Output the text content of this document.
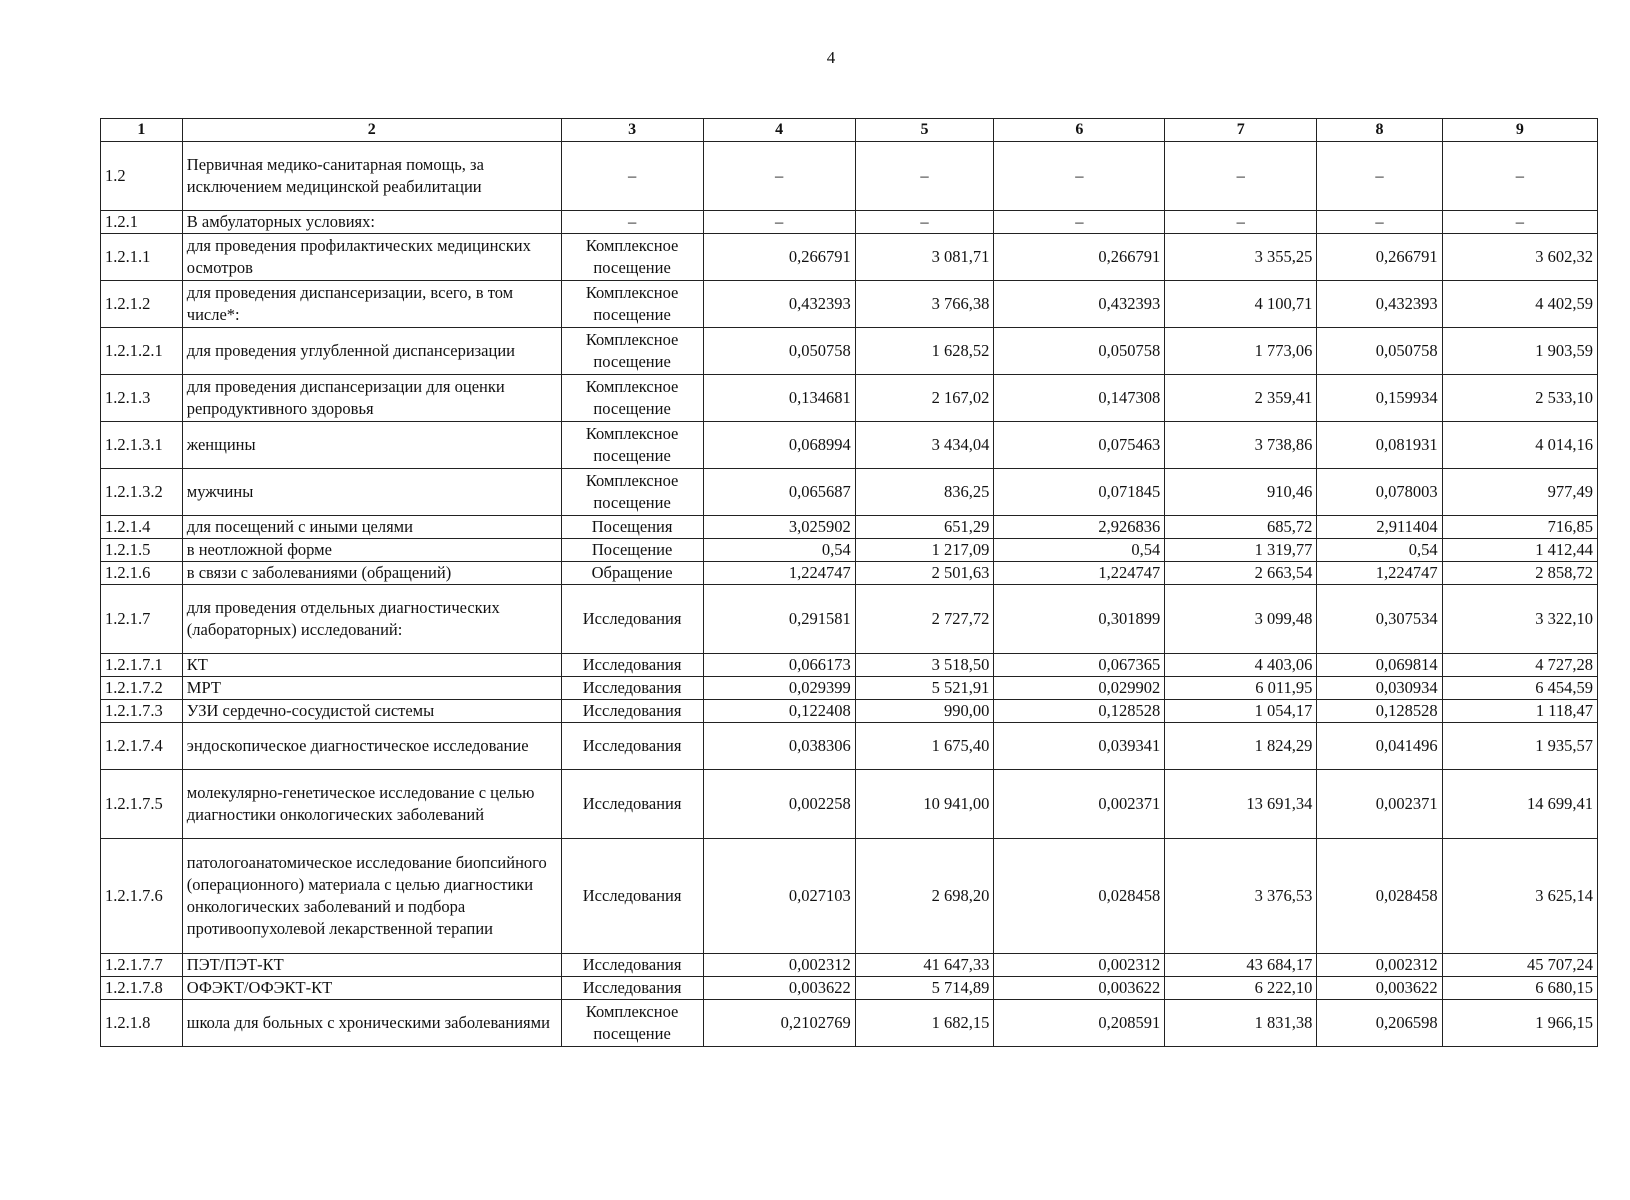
4
1	2	3	4	5	6	7	8	9
1.2	Первичная медико-санитарная помощь, за исключением медицинской реабилитации	–	–	–	–	–	–	–
1.2.1	В амбулаторных условиях:	–	–	–	–	–	–	–
1.2.1.1	для проведения профилактических медицинских осмотров	Комплексное посещение	0,266791	3 081,71	0,266791	3 355,25	0,266791	3 602,32
1.2.1.2	для проведения диспансеризации, всего, в том числе*:	Комплексное посещение	0,432393	3 766,38	0,432393	4 100,71	0,432393	4 402,59
1.2.1.2.1	для проведения углубленной диспансеризации	Комплексное посещение	0,050758	1 628,52	0,050758	1 773,06	0,050758	1 903,59
1.2.1.3	для проведения диспансеризации для оценки репродуктивного здоровья	Комплексное посещение	0,134681	2 167,02	0,147308	2 359,41	0,159934	2 533,10
1.2.1.3.1	женщины	Комплексное посещение	0,068994	3 434,04	0,075463	3 738,86	0,081931	4 014,16
1.2.1.3.2	мужчины	Комплексное посещение	0,065687	836,25	0,071845	910,46	0,078003	977,49
1.2.1.4	для посещений с иными целями	Посещения	3,025902	651,29	2,926836	685,72	2,911404	716,85
1.2.1.5	в неотложной форме	Посещение	0,54	1 217,09	0,54	1 319,77	0,54	1 412,44
1.2.1.6	в связи с заболеваниями (обращений)	Обращение	1,224747	2 501,63	1,224747	2 663,54	1,224747	2 858,72
1.2.1.7	для проведения отдельных диагностических (лабораторных) исследований:	Исследования	0,291581	2 727,72	0,301899	3 099,48	0,307534	3 322,10
1.2.1.7.1	КТ	Исследования	0,066173	3 518,50	0,067365	4 403,06	0,069814	4 727,28
1.2.1.7.2	МРТ	Исследования	0,029399	5 521,91	0,029902	6 011,95	0,030934	6 454,59
1.2.1.7.3	УЗИ сердечно-сосудистой системы	Исследования	0,122408	990,00	0,128528	1 054,17	0,128528	1 118,47
1.2.1.7.4	эндоскопическое диагностическое исследование	Исследования	0,038306	1 675,40	0,039341	1 824,29	0,041496	1 935,57
1.2.1.7.5	молекулярно-генетическое исследование с целью диагностики онкологических заболеваний	Исследования	0,002258	10 941,00	0,002371	13 691,34	0,002371	14 699,41
1.2.1.7.6	патологоанатомическое исследование биопсийного (операционного) материала с целью диагностики онкологических заболеваний и подбора противоопухолевой лекарственной терапии	Исследования	0,027103	2 698,20	0,028458	3 376,53	0,028458	3 625,14
1.2.1.7.7	ПЭТ/ПЭТ-КТ	Исследования	0,002312	41 647,33	0,002312	43 684,17	0,002312	45 707,24
1.2.1.7.8	ОФЭКТ/ОФЭКТ-КТ	Исследования	0,003622	5 714,89	0,003622	6 222,10	0,003622	6 680,15
1.2.1.8	школа для больных с хроническими заболеваниями	Комплексное посещение	0,2102769	1 682,15	0,208591	1 831,38	0,206598	1 966,15
